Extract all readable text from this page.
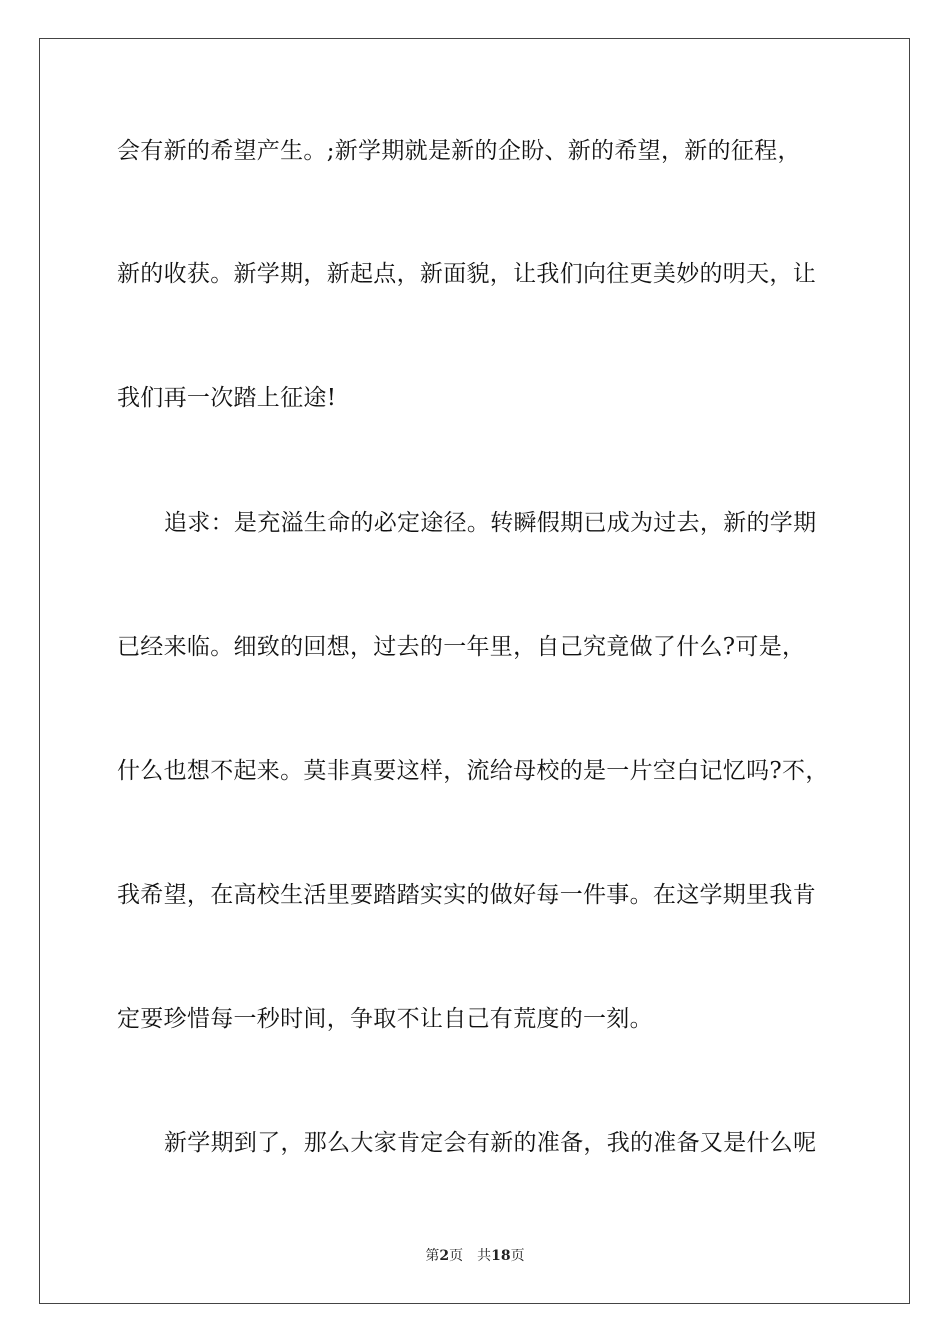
会有新的希望产生。;新学期就是新的企盼、新的希望，新的征程，
新的收获。新学期，新起点，新面貌，让我们向往更美妙的明天，让
我们再一次踏上征途!
追求：是充溢生命的必定途径。转瞬假期已成为过去，新的学期
已经来临。细致的回想，过去的一年里，自己究竟做了什么?可是，
什么也想不起来。莫非真要这样，流给母校的是一片空白记忆吗?不，
我希望，在高校生活里要踏踏实实的做好每一件事。在这学期里我肯
定要珍惜每一秒时间，争取不让自己有荒度的一刻。
新学期到了，那么大家肯定会有新的准备，我的准备又是什么呢
第2页 共18页
